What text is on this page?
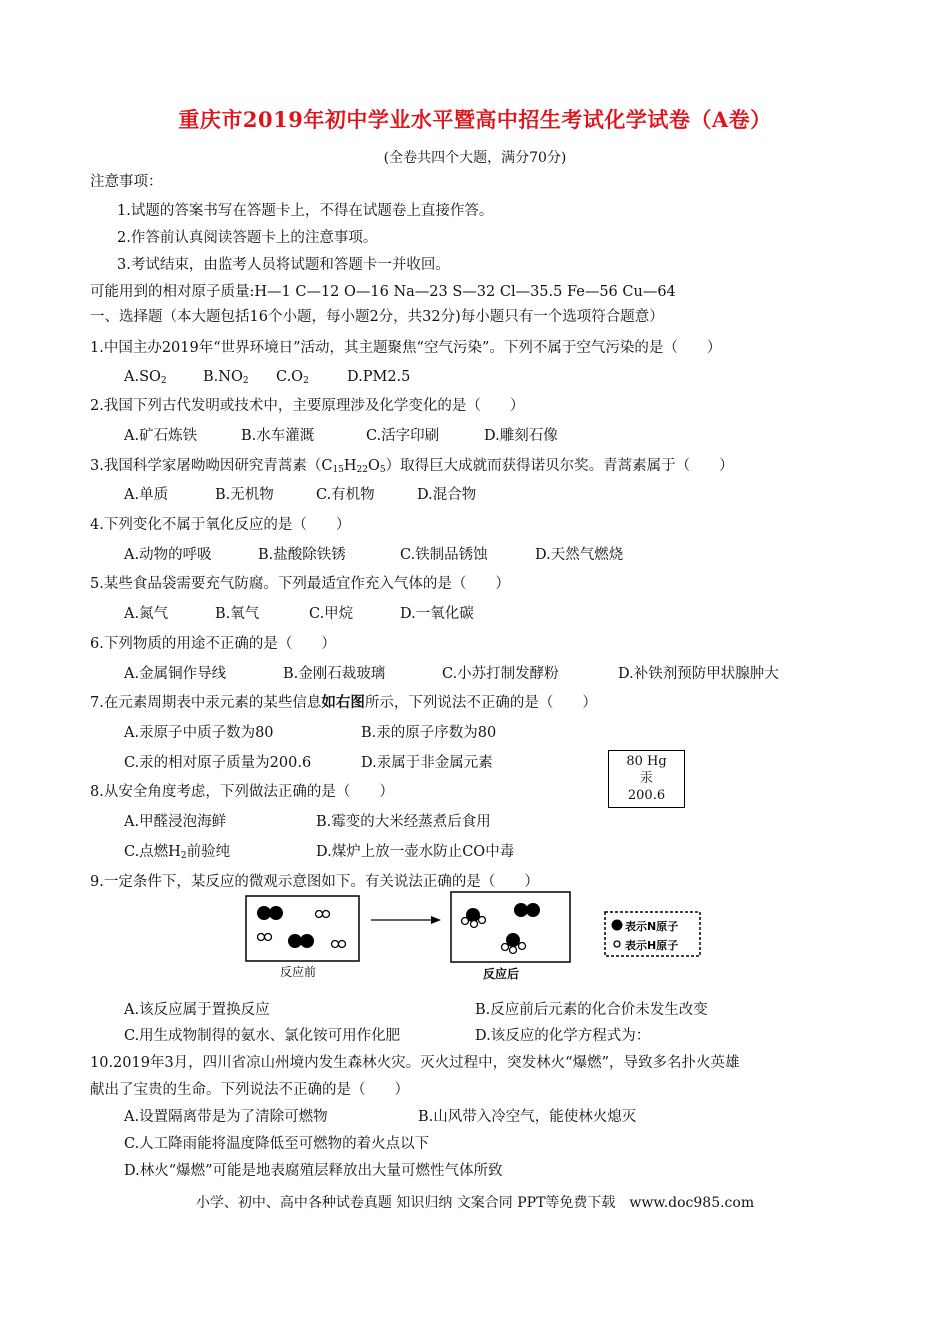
重庆市2019年初中学业水平暨高中招生考试化学试卷（A卷）
(全卷共四个大题，满分70分)
注意事项：
1.试题的答案书写在答题卡上，不得在试题卷上直接作答。
2.作答前认真阅读答题卡上的注意事项。
3.考试结束，由监考人员将试题和答题卡一并收回。
可能用到的相对原子质量:H—1 C—12 O—16 Na—23 S—32 Cl—35.5 Fe—56 Cu—64
一、选择题（本大题包括16个小题，每小题2分，共32分)每小题只有一个选项符合题意）
1.中国主办2019年“世界环境日”活动，其主题聚焦“空气污染”。下列不属于空气污染的是（　　）
$A.SO_2$	$B.NO_2$ $C.O_2$	D.PM2.5
2.我国下列古代发明或技术中，主要原理涉及化学变化的是（　　）
A.矿石炼铁	B.水车灌溉	C.活字印刷	D.雕刻石像
3.我国科学家屠呦呦因研究青蒿素$(C_{15}H_{22}O_5)$取得巨大成就而获得诺贝尔奖。青蒿素属于（　　）
A.单质	B.无机物	C.有机物	D.混合物
4.下列变化不属于氧化反应的是（　　）
A.动物的呼吸	B.盐酸除铁锈	C.铁制品锈蚀	D.天然气燃烧
5.某些食品袋需要充气防腐。下列最适宜作充入气体的是（　　）
A.氮气	B.氧气	C.甲烷	D.一氧化碳
6.下列物质的用途不正确的是（　　）
A.金属铜作导线	B.金刚石裁玻璃	C.小苏打制发酵粉	D.补铁剂预防甲状腺肿大
7.在元素周期表中汞元素的某些信息如右图所示，下列说法不正确的是（　　）
A.汞原子中质子数为80	B.汞的原子序数为80
C.汞的相对原子质量为200.6	D.汞属于非金属元素	80 Hg
汞
200.6
8.从安全角度考虑，下列做法正确的是（　　）
A.甲醛浸泡海鲜	B.霉变的大米经蒸煮后食用
C.点燃$H_2$前验纯	D.煤炉上放一壶水防止CO中毒
9.一定条件下，某反应的微观示意图如下。有关说法正确的是（　　）
反应前	反应后
表示N原子
表示H原子
A.该反应属于置换反应	B.反应前后元素的化合价未发生改变
C.用生成物制得的氨水、氯化铵可用作化肥	D.该反应的化学方程式为：
10.2019年3月，四川省凉山州境内发生森林火灾。灭火过程中，突发林火“爆燃”，导致多名扑火英雄
献出了宝贵的生命。下列说法不正确的是（　　）
A.设置隔离带是为了清除可燃物	B.山风带入冷空气，能使林火熄灭
C.人工降雨能将温度降低至可燃物的着火点以下
D.林火“爆燃”可能是地表腐殖层释放出大量可燃性气体所致
小学、初中、高中各种试卷真题 知识归纳 文案合同 PPT等免费下载　www.doc985.com
